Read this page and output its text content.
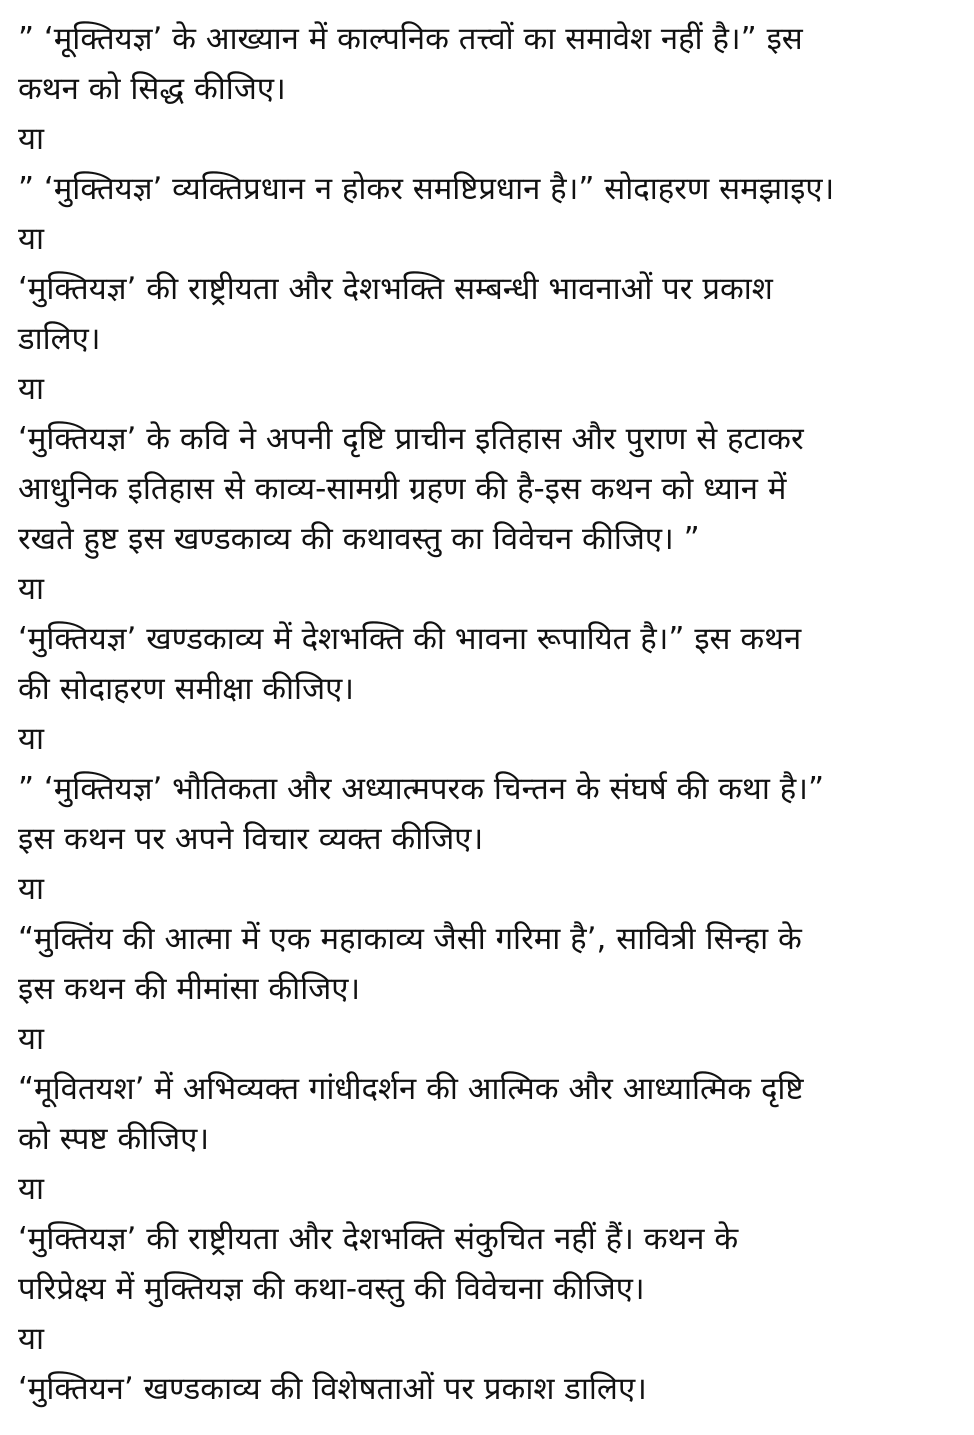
” ‘मूक्तियज्ञ’ के आख्यान में काल्पनिक तत्त्वों का समावेश नहीं है।” इस
कथन को सिद्ध कीजिए।
या
” ‘मुक्तियज्ञ’ व्यक्तिप्रधान न होकर समष्टिप्रधान है।” सोदाहरण समझाइए।
या
‘मुक्तियज्ञ’ की राष्ट्रीयता और देशभक्ति सम्बन्धी भावनाओं पर प्रकाश
डालिए।
या
‘मुक्तियज्ञ’ के कवि ने अपनी दृष्टि प्राचीन इतिहास और पुराण से हटाकर
आधुनिक इतिहास से काव्य-सामग्री ग्रहण की है-इस कथन को ध्यान में
रखते हुष्ट इस खण्डकाव्य की कथावस्तु का विवेचन कीजिए। ”
या
‘मुक्तियज्ञ’ खण्डकाव्य में देशभक्ति की भावना रूपायित है।” इस कथन
की सोदाहरण समीक्षा कीजिए।
या
” ‘मुक्तियज्ञ’ भौतिकता और अध्यात्मपरक चिन्तन के संघर्ष की कथा है।”
इस कथन पर अपने विचार व्यक्त कीजिए।
या
“मुक्तिंय की आत्मा में एक महाकाव्य जैसी गरिमा है’, सावित्री सिन्हा के
इस कथन की मीमांसा कीजिए।
या
“मूवितयश’ में अभिव्यक्त गांधीदर्शन की आत्मिक और आध्यात्मिक दृष्टि
को स्पष्ट कीजिए।
या
‘मुक्तियज्ञ’ की राष्ट्रीयता और देशभक्ति संकुचित नहीं हैं। कथन के
परिप्रेक्ष्य में मुक्तियज्ञ की कथा-वस्तु की विवेचना कीजिए।
या
‘मुक्तियन’ खण्डकाव्य की विशेषताओं पर प्रकाश डालिए।
